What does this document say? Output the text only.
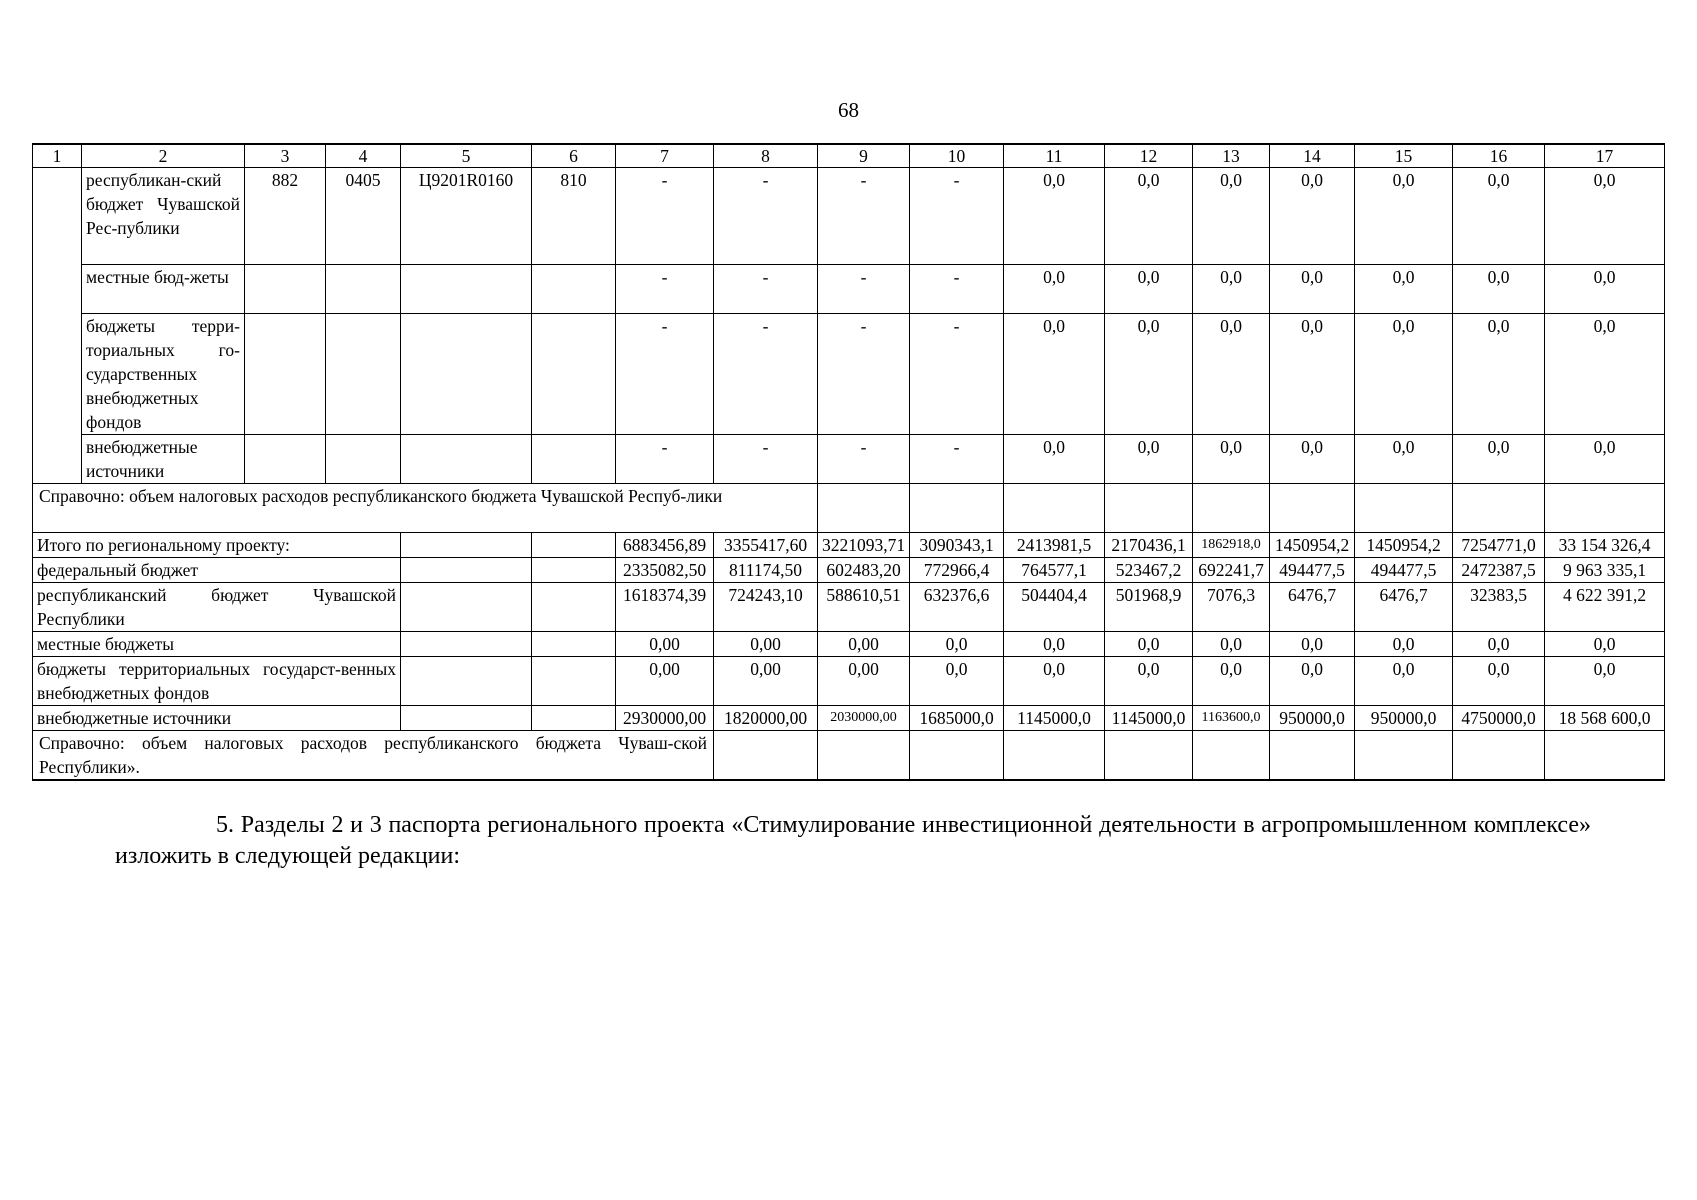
68
1	2	3	4	5	6	7	8	9	10	11	12	13	14	15	16	17
	республикан-ский бюджет Чувашской Рес-публики	882	0405	Ц9201R0160	810	-	-	-	-	0,0	0,0	0,0	0,0	0,0	0,0	0,0
	местные бюд-жеты					-	-	-	-	0,0	0,0	0,0	0,0	0,0	0,0	0,0
	бюджеты терри-ториальных го-сударственных внебюджетных фондов					-	-	-	-	0,0	0,0	0,0	0,0	0,0	0,0	0,0
	внебюджетные источники					-	-	-	-	0,0	0,0	0,0	0,0	0,0	0,0	0,0
Справочно: объем налоговых расходов республиканского бюджета Чувашской Респуб-лики																
Итого по региональному проекту:						6883456,89	3355417,60	3221093,71	3090343,1	2413981,5	2170436,1	1862918,0	1450954,2	1450954,2	7254771,0	33 154 326,4
федеральный бюджет						2335082,50	811174,50	602483,20	772966,4	764577,1	523467,2	692241,7	494477,5	494477,5	2472387,5	9 963 335,1
республиканский бюджет Чувашской Республики						1618374,39	724243,10	588610,51	632376,6	504404,4	501968,9	7076,3	6476,7	6476,7	32383,5	4 622 391,2
местные бюджеты						0,00	0,00	0,00	0,0	0,0	0,0	0,0	0,0	0,0	0,0	0,0
бюджеты территориальных государст-венных внебюджетных фондов						0,00	0,00	0,00	0,0	0,0	0,0	0,0	0,0	0,0	0,0	0,0
внебюджетные источники						2930000,00	1820000,00	2030000,00	1685000,0	1145000,0	1145000,0	1163600,0	950000,0	950000,0	4750000,0	18 568 600,0
Справочно: объем налоговых расходов республиканского бюджета Чуваш-ской Республики».																
5. Разделы 2 и 3 паспорта регионального проекта «Стимулирование инвестиционной деятельности в агропромышленном комплексе» изложить в следующей редакции:
